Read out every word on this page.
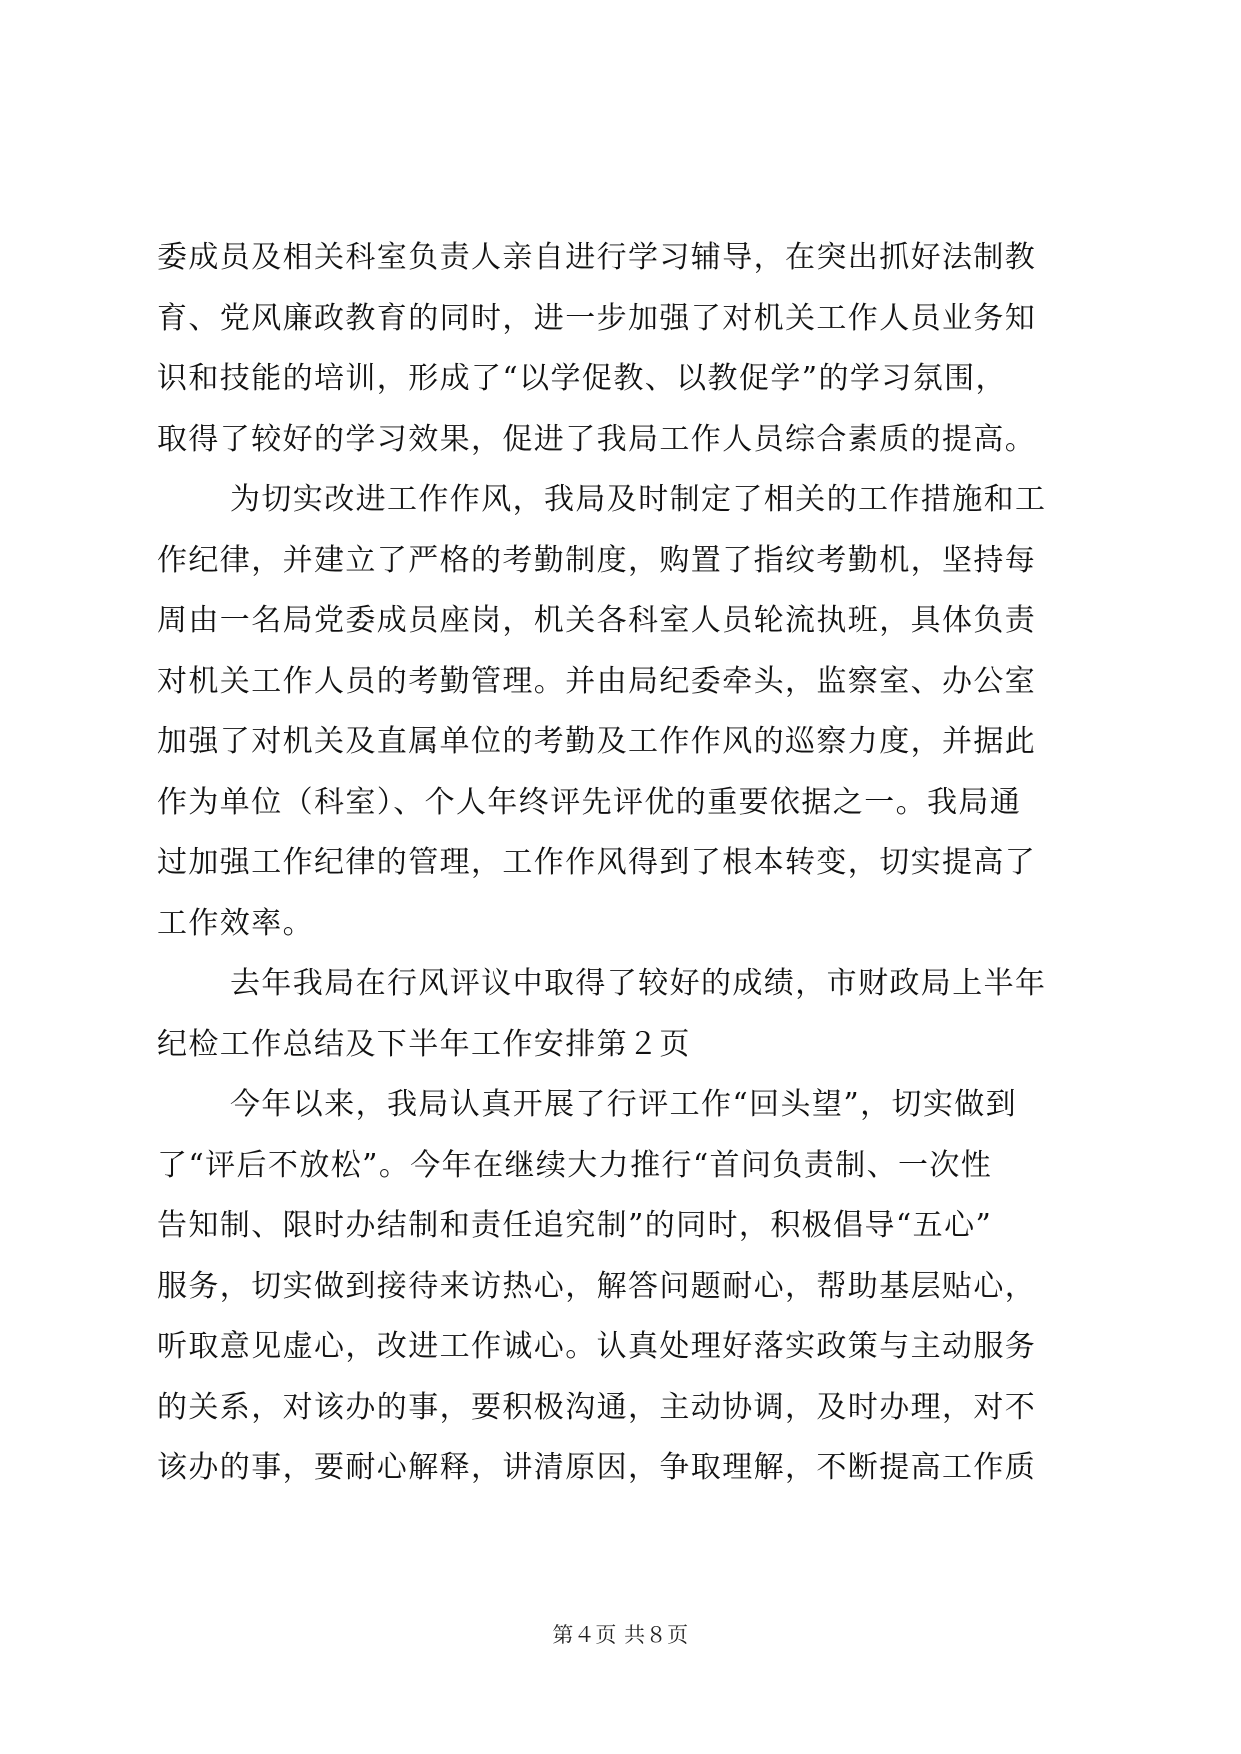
委成员及相关科室负责人亲自进行学习辅导，在突出抓好法制教
育、党风廉政教育的同时，进一步加强了对机关工作人员业务知
识和技能的培训，形成了“以学促教、以教促学”的学习氛围，
取得了较好的学习效果，促进了我局工作人员综合素质的提高。
为切实改进工作作风，我局及时制定了相关的工作措施和工
作纪律，并建立了严格的考勤制度，购置了指纹考勤机，坚持每
周由一名局党委成员座岗，机关各科室人员轮流执班，具体负责
对机关工作人员的考勤管理。并由局纪委牵头，监察室、办公室
加强了对机关及直属单位的考勤及工作作风的巡察力度，并据此
作为单位（科室）、个人年终评先评优的重要依据之一。我局通
过加强工作纪律的管理，工作作风得到了根本转变，切实提高了
工作效率。
去年我局在行风评议中取得了较好的成绩，市财政局上半年
纪检工作总结及下半年工作安排第２页
今年以来，我局认真开展了行评工作“回头望”，切实做到
了“评后不放松”。今年在继续大力推行“首问负责制、一次性
告知制、限时办结制和责任追究制”的同时，积极倡导“五心”
服务，切实做到接待来访热心，解答问题耐心，帮助基层贴心，
听取意见虚心，改进工作诚心。认真处理好落实政策与主动服务
的关系，对该办的事，要积极沟通，主动协调，及时办理，对不
该办的事，要耐心解释，讲清原因，争取理解，不断提高工作质
第４页 共８页
